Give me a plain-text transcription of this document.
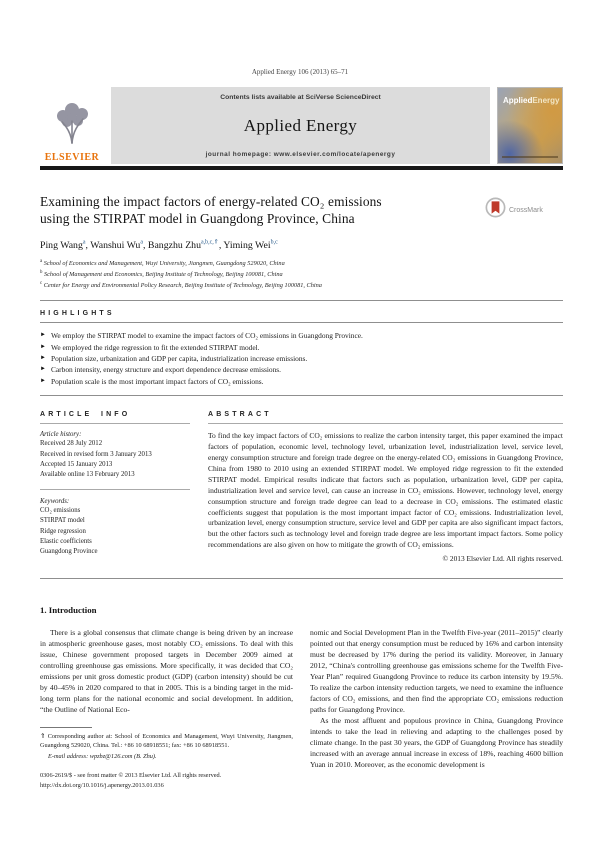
Applied Energy 106 (2013) 65–71
ELSEVIER
Contents lists available at SciVerse ScienceDirect
Applied Energy
journal homepage: www.elsevier.com/locate/apenergy
AppliedEnergy
Examining the impact factors of energy-related CO₂ emissions
using the STIRPAT model in Guangdong Province, China
CrossMark
Ping Wang$^a$, Wanshui Wu$^a$, Bangzhu Zhu$^{a,b,c,⇑}$, Yiming Wei$^{b,c}$
$^a$ School of Economics and Management, Wuyi University, Jiangmen, Guangdong 529020, China
$^b$ School of Management and Economics, Beijing Institute of Technology, Beijing 100081, China
$^c$ Center for Energy and Environmental Policy Research, Beijing Institute of Technology, Beijing 100081, China
HIGHLIGHTS
► We employ the STIRPAT model to examine the impact factors of CO₂ emissions in Guangdong Province.
► We employed the ridge regression to fit the extended STIRPAT model.
► Population size, urbanization and GDP per capita, industrialization increase emissions.
► Carbon intensity, energy structure and export dependence decrease emissions.
► Population scale is the most important impact factors of CO₂ emissions.
ARTICLE INFO
Article history:
Received 28 July 2012
Received in revised form 3 January 2013
Accepted 15 January 2013
Available online 13 February 2013
Keywords:
CO₂ emissions
STIRPAT model
Ridge regression
Elastic coefficients
Guangdong Province
ABSTRACT
To find the key impact factors of CO₂ emissions to realize the carbon intensity target, this paper examined the impact factors of population, economic level, technology level, urbanization level, industrialization level, service level, energy consumption structure and foreign trade degree on the energy-related CO₂ emissions in Guangdong Province, China from 1980 to 2010 using an extended STIRPAT model. We employed ridge regression to fit the extended STIRPAT model. Empirical results indicate that factors such as population, urbanization level, GDP per capita, industrialization level and service level, can cause an increase in CO₂ emissions. However, technology level, energy consumption structure and foreign trade degree can lead to a decrease in CO₂ emissions. The estimated elastic coefficients suggest that population is the most important impact factor of CO₂ emissions. Industrialization level, urbanization level, energy consumption structure, service level and GDP per capita are also significant impact factors, but the other factors such as technology level and foreign trade degree are less important impact factors. Some policy recommendations are also given on how to mitigate the growth of CO₂ emissions.
© 2013 Elsevier Ltd. All rights reserved.
1. Introduction
There is a global consensus that climate change is being driven by an increase in atmospheric greenhouse gases, most notably CO₂ emissions. To deal with this issue, Chinese government proposed targets in December 2009 aimed at controlling greenhouse gas emissions. More specifically, it was decided that CO₂ emissions per unit gross domestic product (GDP) (carbon intensity) should be cut by 40–45% in 2020 compared to that in 2005. This is a binding target in the mid-long term plans for the national economic and social development. In addition, “the Outline of National Eco-
⇑ Corresponding author at: School of Economics and Management, Wuyi University, Jiangmen, Guangdong 529020, China. Tel.: +86 10 68918551; fax: +86 10 68918551.
E-mail address: wpzbz@126.com (B. Zhu).
0306-2619/$ - see front matter © 2013 Elsevier Ltd. All rights reserved.
http://dx.doi.org/10.1016/j.apenergy.2013.01.036
nomic and Social Development Plan in the Twelfth Five-year (2011–2015)” clearly pointed out that energy consumption must be reduced by 16% and carbon intensity must be decreased by 17% during the period its validity. Moreover, in January 2012, “China's controlling greenhouse gas emissions scheme for the Twelfth Five-Year Plan” required Guangdong Province to reduce its carbon intensity by 19.5%. To realize the carbon intensity reduction targets, we need to examine the influence factors of CO₂ emissions, and then find the appropriate CO₂ emissions reduction paths for Guangdong Province.
As the most affluent and populous province in China, Guangdong Province intends to take the lead in relieving and adapting to the challenges posed by climate change. In the past 30 years, the GDP of Guangdong Province has steadily increased with an average annual increase in excess of 18%, reaching 4600 billion Yuan in 2010. Moreover, as the economic development is
